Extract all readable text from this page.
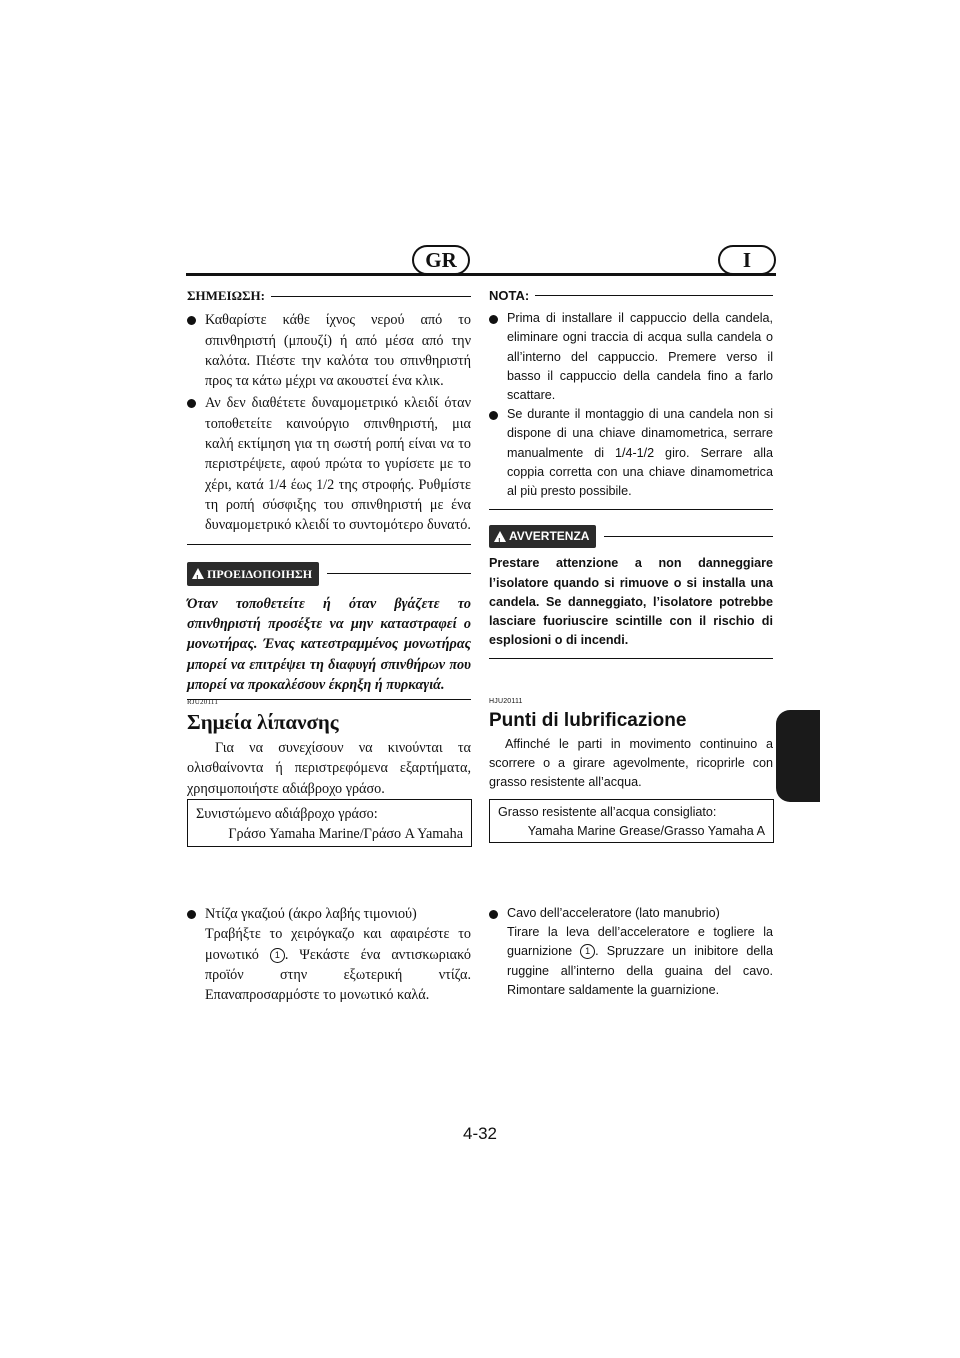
GR	I
ΣΗΜΕΙΩΣΗ:
Καθαρίστε κάθε ίχνος νερού από το σπινθηριστή (μπουζί) ή από μέσα από την καλότα. Πιέστε την καλότα του σπινθηριστή προς τα κάτω μέχρι να ακουστεί ένα κλικ.
Αν δεν διαθέτετε δυναμομετρικό κλειδί όταν τοποθετείτε καινούργιο σπινθηριστή, μια καλή εκτίμηση για τη σωστή ροπή είναι να το περιστρέψετε, αφού πρώτα το γυρίσετε με το χέρι, κατά 1/4 έως 1/2 της στροφής. Ρυθμίστε τη ροπή σύσφιξης του σπινθηριστή με ένα δυναμομετρικό κλειδί το συντομότερο δυνατό.
!
ΠΡΟΕΙΔΟΠΟΙΗΣΗ
Όταν τοποθετείτε ή όταν βγάζετε το σπινθηριστή προσέξτε να μην καταστραφεί ο μονωτήρας. Ένας κατεστραμμένος μονωτήρας μπορεί να επιτρέψει τη διαφυγή σπινθήρων που μπορεί να προκαλέσουν έκρηξη ή πυρκαγιά.
RJU20111
Σημεία λίπανσης
Για να συνεχίσουν να κινούνται τα ολισθαίνοντα ή περιστρεφόμενα εξαρτήματα, χρησιμοποιήστε αδιάβροχο γράσο.
Συνιστώμενο αδιάβροχο γράσο:
Γράσο Yamaha Marine/Γράσο A Yamaha
Ντίζα γκαζιού (άκρο λαβής τιμονιού)
Τραβήξτε το χειρόγκαζο και αφαιρέστε το μονωτικό 1 . Ψεκάστε ένα αντισκωριακό προϊόν στην εξωτερική ντίζα. Επαναπροσαρμόστε το μονωτικό καλά.
NOTA:
Prima di installare il cappuccio della candela, eliminare ogni traccia di acqua sulla candela o all’interno del cappuccio. Premere verso il basso il cappuccio della candela fino a farlo scattare.
Se durante il montaggio di una candela non si dispone di una chiave dinamometrica, serrare manualmente di 1/4-1/2 giro. Serrare alla coppia corretta con una chiave dinamometrica al più presto possibile.
!
AVVERTENZA
Prestare attenzione a non danneggiare l’isolatore quando si rimuove o si installa una candela. Se danneggiato, l’isolatore potrebbe lasciare fuoriuscire scintille con il rischio di esplosioni o di incendi.
HJU20111
Punti di lubrificazione
Affinché le parti in movimento continuino a scorrere o a girare agevolmente, ricoprirle con grasso resistente all’acqua.
Grasso resistente all’acqua consigliato:
Yamaha Marine Grease/Grasso Yamaha A
Cavo dell’acceleratore (lato manubrio)
Tirare la leva dell’acceleratore e togliere la guarnizione 1 . Spruzzare un inibitore della ruggine all’interno della guaina del cavo. Rimontare saldamente la guarnizione.
4-32
